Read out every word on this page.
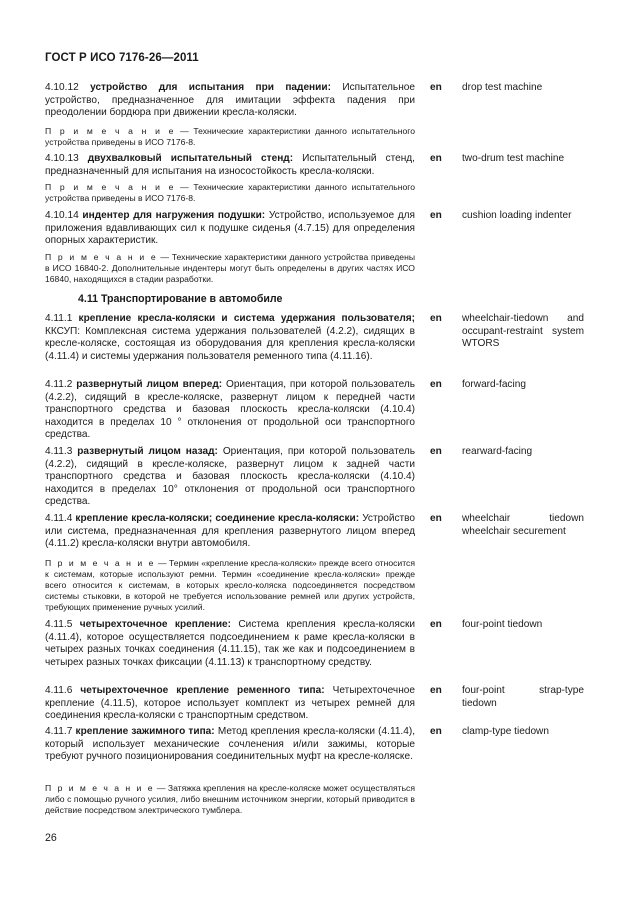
ГОСТ Р ИСО 7176-26—2011
4.10.12 устройство для испытания при падении: Испытательное устройство, предназначенное для имитации эффекта падения при преодолении бордюра при движении кресла-коляски.
en drop test machine
П р и м е ч а н и е — Технические характеристики данного испытательного устройства приведены в ИСО 7176-8.
4.10.13 двухвалковый испытательный стенд: Испытательный стенд, предназначенный для испытания на износостойкость кресла-коляски.
en two-drum test machine
П р и м е ч а н и е — Технические характеристики данного испытательного устройства приведены в ИСО 7176-8.
4.10.14 индентер для нагружения подушки: Устройство, используемое для приложения вдавливающих сил к подушке сиденья (4.7.15) для определения опорных характеристик.
en cushion loading indenter
П р и м е ч а н и е — Технические характеристики данного устройства приведены в ИСО 16840-2. Дополнительные индентеры могут быть определены в других частях ИСО 16840, находящихся в стадии разработки.
4.11 Транспортирование в автомобиле
4.11.1 крепление кресла-коляски и система удержания пользователя; ККСУП: Комплексная система удержания пользователей (4.2.2), сидящих в кресле-коляске, состоящая из оборудования для крепления кресла-коляски (4.11.4) и системы удержания пользователя ременного типа (4.11.16).
en wheelchair-tiedown and occupant-restraint system WTORS
4.11.2 развернутый лицом вперед: Ориентация, при которой пользователь (4.2.2), сидящий в кресле-коляске, развернут лицом к передней части транспортного средства и базовая плоскость кресла-коляски (4.10.4) находится в пределах 10 ° отклонения от продольной оси транспортного средства.
en forward-facing
4.11.3 развернутый лицом назад: Ориентация, при которой пользователь (4.2.2), сидящий в кресле-коляске, развернут лицом к задней части транспортного средства и базовая плоскость кресла-коляски (4.10.4) находится в пределах 10° отклонения от продольной оси транспортного средства.
en rearward-facing
4.11.4 крепление кресла-коляски; соединение кресла-коляски: Устройство или система, предназначенная для крепления развернутого лицом вперед (4.11.2) кресла-коляски внутри автомобиля.
en wheelchair tiedown wheelchair securement
П р и м е ч а н и е — Термин «крепление кресла-коляски» прежде всего относится к системам, которые используют ремни. Термин «соединение кресла-коляски» прежде всего относится к системам, в которых кресло-коляска подсоединяется посредством системы стыковки, в которой не требуется использование ремней или других устройств, требующих применение ручных усилий.
4.11.5 четырехточечное крепление: Система крепления кресла-коляски (4.11.4), которое осуществляется подсоединением к раме кресла-коляски в четырех разных точках соединения (4.11.15), так же как и подсоединением в четырех разных точках фиксации (4.11.13) к транспортному средству.
en four-point tiedown
4.11.6 четырехточечное крепление ременного типа: Четырехточечное крепление (4.11.5), которое использует комплект из четырех ремней для соединения кресла-коляски с транспортным средством.
en four-point strap-type tiedown
4.11.7 крепление зажимного типа: Метод крепления кресла-коляски (4.11.4), который использует механические сочленения и/или зажимы, которые требуют ручного позиционирования соединительных муфт на кресле-коляске.
en clamp-type tiedown
П р и м е ч а н и е — Затяжка крепления на кресле-коляске может осуществляться либо с помощью ручного усилия, либо внешним источником энергии, который приводится в действие посредством электрического тумблера.
26
